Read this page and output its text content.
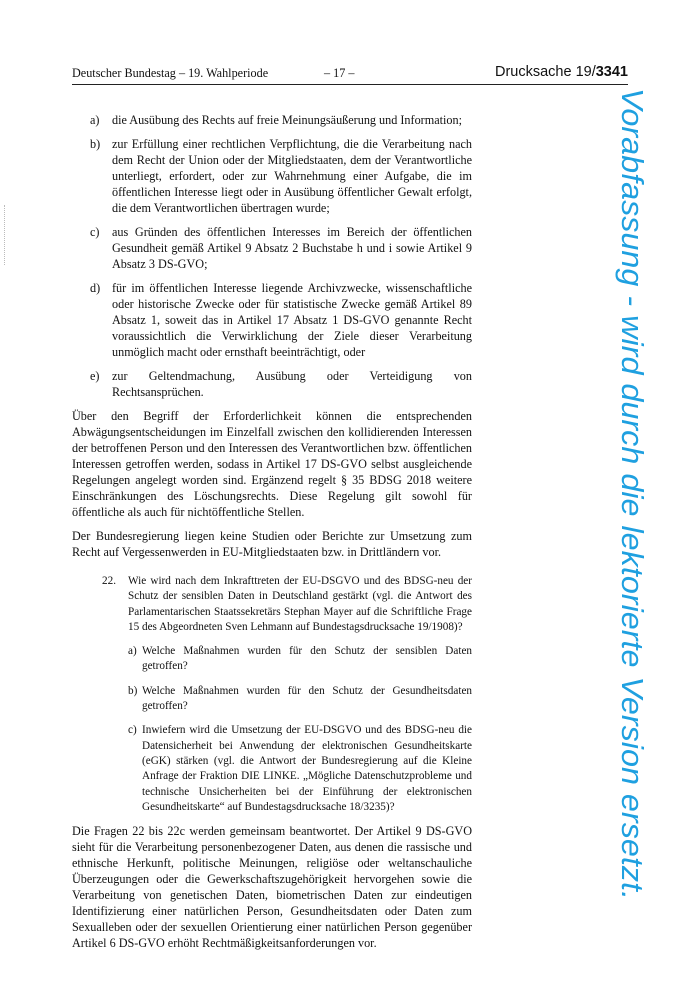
Deutscher Bundestag – 19. Wahlperiode	– 17 –	Drucksache 19/3341
a) die Ausübung des Rechts auf freie Meinungsäußerung und Information;
b) zur Erfüllung einer rechtlichen Verpflichtung, die die Verarbeitung nach dem Recht der Union oder der Mitgliedstaaten, dem der Verantwortliche unterliegt, erfordert, oder zur Wahrnehmung einer Aufgabe, die im öffentlichen Interesse liegt oder in Ausübung öffentlicher Gewalt erfolgt, die dem Verantwortlichen übertragen wurde;
c) aus Gründen des öffentlichen Interesses im Bereich der öffentlichen Gesundheit gemäß Artikel 9 Absatz 2 Buchstabe h und i sowie Artikel 9 Absatz 3 DS-GVO;
d) für im öffentlichen Interesse liegende Archivzwecke, wissenschaftliche oder historische Zwecke oder für statistische Zwecke gemäß Artikel 89 Absatz 1, soweit das in Artikel 17 Absatz 1 DS-GVO genannte Recht voraussichtlich die Verwirklichung der Ziele dieser Verarbeitung unmöglich macht oder ernsthaft beeinträchtigt, oder
e) zur Geltendmachung, Ausübung oder Verteidigung von Rechtsansprüchen.

Über den Begriff der Erforderlichkeit können die entsprechenden Abwägungsentscheidungen im Einzelfall zwischen den kollidierenden Interessen der betroffenen Person und den Interessen des Verantwortlichen bzw. öffentlichen Interessen getroffen werden, sodass in Artikel 17 DS-GVO selbst ausgleichende Regelungen angelegt worden sind. Ergänzend regelt § 35 BDSG 2018 weitere Einschränkungen des Löschungsrechts. Diese Regelung gilt sowohl für öffentliche als auch für nichtöffentliche Stellen.

Der Bundesregierung liegen keine Studien oder Berichte zur Umsetzung zum Recht auf Vergessenwerden in EU-Mitgliedstaaten bzw. in Drittländern vor.

22. Wie wird nach dem Inkrafttreten der EU-DSGVO und des BDSG-neu der Schutz der sensiblen Daten in Deutschland gestärkt (vgl. die Antwort des Parlamentarischen Staatssekretärs Stephan Mayer auf die Schriftliche Frage 15 des Abgeordneten Sven Lehmann auf Bundestagsdrucksache 19/1908)?
a) Welche Maßnahmen wurden für den Schutz der sensiblen Daten getroffen?
b) Welche Maßnahmen wurden für den Schutz der Gesundheitsdaten getroffen?
c) Inwiefern wird die Umsetzung der EU-DSGVO und des BDSG-neu die Datensicherheit bei Anwendung der elektronischen Gesundheitskarte (eGK) stärken (vgl. die Antwort der Bundesregierung auf die Kleine Anfrage der Fraktion DIE LINKE. „Mögliche Datenschutzprobleme und technische Unsicherheiten bei der Einführung der elektronischen Gesundheitskarte“ auf Bundestagsdrucksache 18/3235)?

Die Fragen 22 bis 22c werden gemeinsam beantwortet. Der Artikel 9 DS-GVO sieht für die Verarbeitung personenbezogener Daten, aus denen die rassische und ethnische Herkunft, politische Meinungen, religiöse oder weltanschauliche Überzeugungen oder die Gewerkschaftszugehörigkeit hervorgehen sowie die Verarbeitung von genetischen Daten, biometrischen Daten zur eindeutigen Identifizierung einer natürlichen Person, Gesundheitsdaten oder Daten zum Sexualleben oder der sexuellen Orientierung einer natürlichen Person gegenüber Artikel 6 DS-GVO erhöht Rechtmäßigkeitsanforderungen vor.

Vorabfassung - wird durch die lektorierte Version ersetzt.
